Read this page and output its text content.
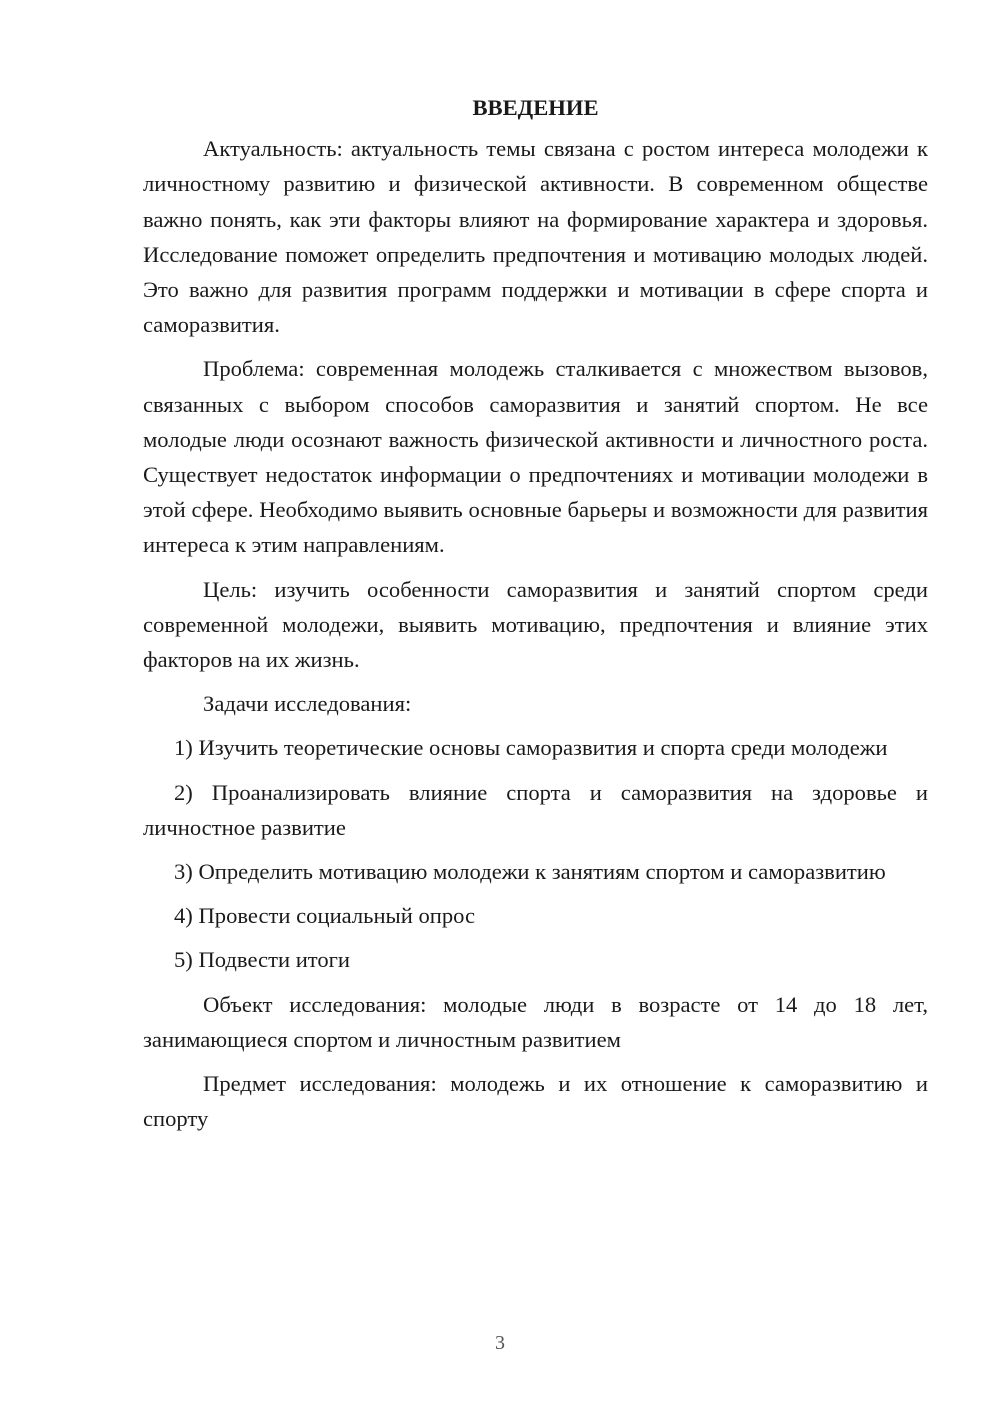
ВВЕДЕНИЕ

Актуальность: актуальность темы связана с ростом интереса молодежи к личностному развитию и физической активности. В современном обществе важно понять, как эти факторы влияют на формирование характера и здоровья. Исследование поможет определить предпочтения и мотивацию молодых людей. Это важно для развития программ поддержки и мотивации в сфере спорта и саморазвития.

Проблема: современная молодежь сталкивается с множеством вызовов, связанных с выбором способов саморазвития и занятий спортом. Не все молодые люди осознают важность физической активности и личностного роста. Существует недостаток информации о предпочтениях и мотивации молодежи в этой сфере. Необходимо выявить основные барьеры и возможности для развития интереса к этим направлениям.

Цель: изучить особенности саморазвития и занятий спортом среди современной молодежи, выявить мотивацию, предпочтения и влияние этих факторов на их жизнь.

Задачи исследования:

1) Изучить теоретические основы саморазвития и спорта среди молодежи

2) Проанализировать влияние спорта и саморазвития на здоровье и личностное развитие

3) Определить мотивацию молодежи к занятиям спортом и саморазвитию

4) Провести социальный опрос

5) Подвести итоги

Объект исследования: молодые люди в возрасте от 14 до 18 лет, занимающиеся спортом и личностным развитием

Предмет исследования: молодежь и их отношение к саморазвитию и спорту

3
